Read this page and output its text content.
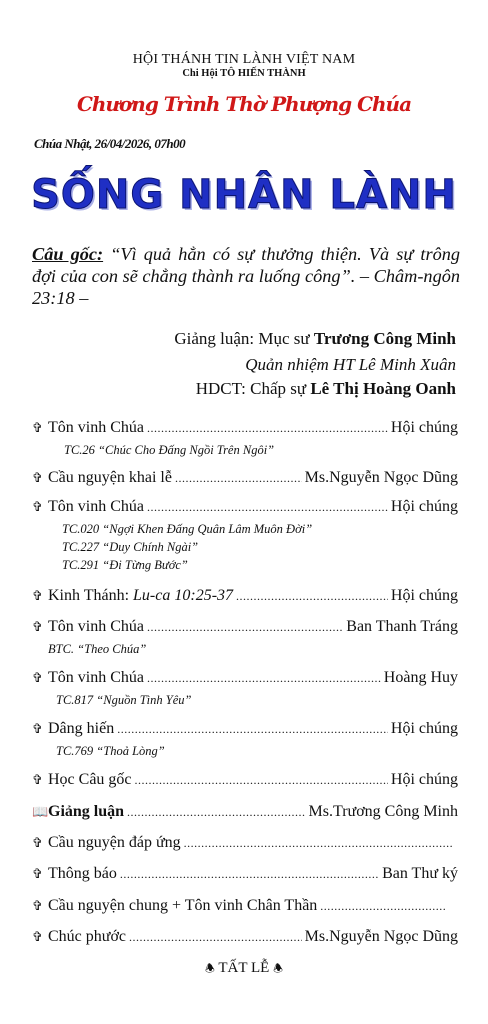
HỘI THÁNH TIN LÀNH VIỆT NAM
Chi Hội TÔ HIẾN THÀNH
Chương Trình Thờ Phượng Chúa
Chúa Nhật, 26/04/2026, 07h00
SỐNG NHÂN LÀNH
Câu gốc: “Vì quả hẳn có sự thưởng thiện. Và sự trông đợi của con sẽ chẳng thành ra luống công”. – Châm-ngôn 23:18 –
Giảng luận: Mục sư Trương Công Minh
Quản nhiệm HT Lê Minh Xuân
HDCT: Chấp sự Lê Thị Hoàng Oanh
✞ Tôn vinh Chúa .....	Hội chúng
TC.26 “Chúc Cho Đấng Ngồi Trên Ngôi”
✞ Cầu nguyện khai lễ .....	Ms.Nguyễn Ngọc Dũng
✞ Tôn vinh Chúa .....	Hội chúng
TC.020 “Ngợi Khen Đấng Quân Lâm Muôn Đời”
TC.227 “Duy Chính Ngài”
TC.291 “Đi Từng Bước”
✞ Kinh Thánh: Lu-ca 10:25-37 .....	Hội chúng
✞ Tôn vinh Chúa .....	Ban Thanh Tráng
BTC. “Theo Chúa”
✞ Tôn vinh Chúa .....	Hoàng Huy
TC.817 “Nguồn Tình Yêu”
✞ Dâng hiến .....	Hội chúng
TC.769 “Thoả Lòng”
✞ Học Câu gốc .....	Hội chúng
📖 Giảng luận .....	Ms.Trương Công Minh
✞ Cầu nguyện đáp ứng
.....
✞ Thông báo .....	Ban Thư ký
✞ Cầu nguyện chung + Tôn vinh Chân Thần
.....
✞ Chúc phước .....	Ms.Nguyễn Ngọc Dũng
🕭 TẤT LỄ 🕭
